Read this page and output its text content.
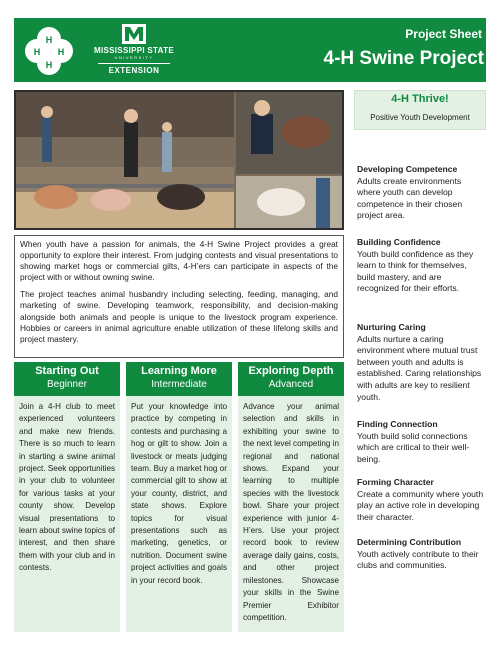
H
H
H H	MISSISSIPPI STATE
UNIVERSITY
EXTENSION
Project Sheet
4-H Swine Project
4-H Thrive!
Positive Youth Development
Developing Competence
Adults create environments where youth can develop competence in their chosen project area.
Building Confidence
Youth build confidence as they learn to think for themselves, build mastery, and are recognized for their efforts.
Nurturing Caring
Adults nurture a caring environment where mutual trust between youth and adults is established. Caring relationships with adults are key to resilient youth.
Finding Connection
Youth build solid connections which are critical to their well-being.
Forming Character
Create a community where youth play an active role in developing their character.
Determining Contribution
Youth actively contribute to their clubs and communities.

When youth have a passion for animals, the 4-H Swine Project provides a great opportunity to explore their interest. From judging contests and visual presentations to showing market hogs or commercial gilts, 4-H’ers can participate in aspects of the project with or without owning swine.

The project teaches animal husbandry including selecting, feeding, managing, and marketing of swine. Developing teamwork, responsibility, and decision-making alongside both animals and people is unique to the livestock program experience. Hobbies or careers in animal agriculture enable utilization of these lifelong skills and project mastery.

Starting Out
Beginner
Join a 4-H club to meet experienced volunteers and make new friends. There is so much to learn in starting a swine animal project. Seek opportunities in your club to volunteer for various tasks at your county show. Develop visual presentations to learn about swine topics of interest, and then share them with your club and in contests.
Learning More
Intermediate
Put your knowledge into practice by competing in contests and purchasing a hog or gilt to show. Join a livestock or meats judging team. Buy a market hog or commercial gilt to show at your county, district, and state shows. Explore topics for visual presentations such as marketing, genetics, or nutrition. Document swine project activities and goals in your record book.
Exploring Depth
Advanced
Advance your animal selection and skills in exhibiting your swine to the next level competing in regional and national shows. Expand your learning to multiple species with the livestock bowl. Share your project experience with junior 4-H’ers. Use your project record book to review average daily gains, costs, and other project milestones. Showcase your skills in the Swine Premier Exhibitor competition.
